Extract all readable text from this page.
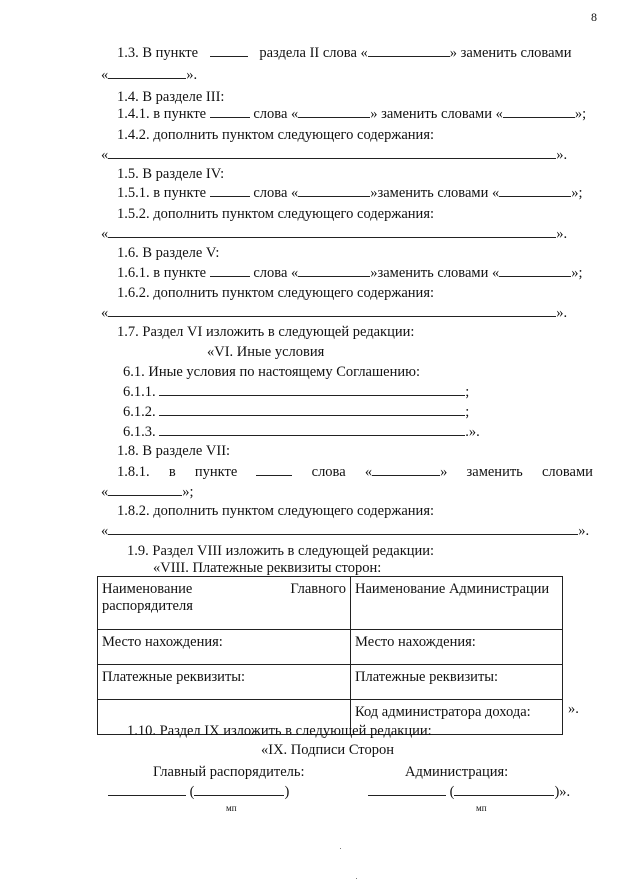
8
1.3. В пункте	раздела II слова «	» заменить словами
«	».
1.4. В разделе III:
1.4.1. в пункте	слова «	» заменить словами «	»;
1.4.2. дополнить пунктом следующего содержания:
«	».
1.5. В разделе IV:
1.5.1. в пункте	слова «	»заменить словами «	»;
1.5.2. дополнить пунктом следующего содержания:
«	».
1.6. В разделе V:
1.6.1. в пункте	слова «	»заменить словами «	»;
1.6.2. дополнить пунктом следующего содержания:
«	».
1.7. Раздел VI изложить в следующей редакции:
«VI. Иные условия
6.1. Иные условия по настоящему Соглашению:
6.1.1.	;
6.1.2.	;
6.1.3.	.».
1.8. В разделе VII:
1.8.1. в пункте	слова «	» заменить словами
«	»;
1.8.2. дополнить пунктом следующего содержания:
«	».
1.9. Раздел VIII изложить в следующей редакции:
«VIII. Платежные реквизиты сторон:
Наименование Главного
распорядителя	Наименование Администрации
Место нахождения:	Место нахождения:
Платежные реквизиты:	Платежные реквизиты:
	Код администратора дохода:	».
1.10. Раздел IX изложить в следующей редакции:
«IX. Подписи Сторон
Главный распорядитель:	Администрация:
(	)	(	)».
мп	мп
